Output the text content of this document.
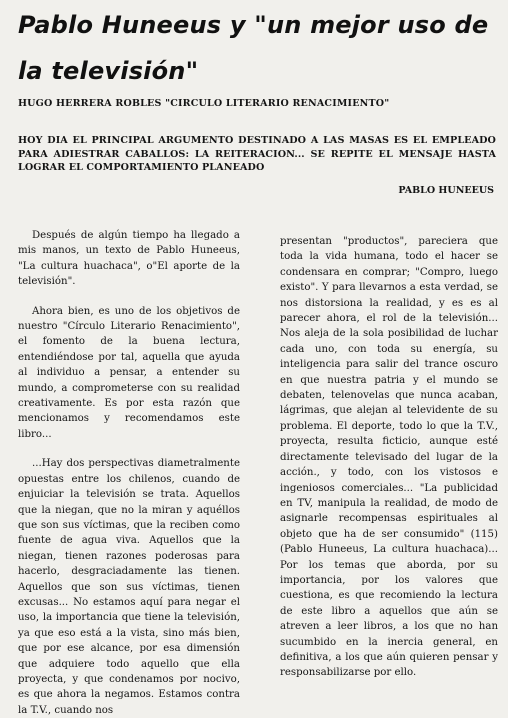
Pablo Huneeus y "un mejor uso de
la televisión"
HUGO HERRERA ROBLES "CIRCULO LITERARIO RENACIMIENTO"
HOY DIA EL PRINCIPAL ARGUMENTO DESTINADO A LAS MASAS ES EL EMPLEADO PARA ADIESTRAR CABALLOS: LA REITERACION... SE REPITE EL MENSAJE HASTA LOGRAR EL COMPORTAMIENTO PLANEADO
PABLO HUNEEUS

Después de algún tiempo ha llegado a mis manos, un texto de Pablo Huneeus, "La cultura huachaca", o"El aporte de la televisión".

Ahora bien, es uno de los objetivos de nuestro "Círculo Literario Renacimiento", el fomento de la buena lectura, entendiéndose por tal, aquella que ayuda al individuo a pensar, a entender su mundo, a comprometerse con su realidad creativamente. Es por esta razón que mencionamos y recomendamos este libro...

...Hay dos perspectivas diametralmente opuestas entre los chilenos, cuando de enjuiciar la televisión se trata. Aquellos que la niegan, que no la miran y aquéllos que son sus víctimas, que la reciben como fuente de agua viva. Aquellos que la niegan, tienen razones poderosas para hacerlo, desgraciadamente las tienen. Aquellos que son sus víctimas, tienen excusas... No estamos aquí para negar el uso, la importancia que tiene la televisión, ya que eso está a la vista, sino más bien, que por ese alcance, por esa dimensión que adquiere todo aquello que ella proyecta, y que condenamos por nocivo, es que ahora la negamos. Estamos contra la T.V., cuando nos

presentan "productos", pareciera que toda la vida humana, todo el hacer se condensara en comprar; "Compro, luego existo". Y para llevarnos a esta verdad, se nos distorsiona la realidad, y es es al parecer ahora, el rol de la televisión... Nos aleja de la sola posibilidad de luchar cada uno, con toda su energía, su inteligencia para salir del trance oscuro en que nuestra patria y el mundo se debaten, telenovelas que nunca acaban, lágrimas, que alejan al televidente de su problema. El deporte, todo lo que la T.V., proyecta, resulta ficticio, aunque esté directamente televisado del lugar de la acción., y todo, con los vistosos e ingeniosos comerciales... "La publicidad en TV, manipula la realidad, de modo de asignarle recompensas espirituales al objeto que ha de ser consumido" (115) (Pablo Huneeus, La cultura huachaca)... Por los temas que aborda, por su importancia, por los valores que cuestiona, es que recomiendo la lectura de este libro a aquellos que aún se atreven a leer libros, a los que no han sucumbido en la inercia general, en definitiva, a los que aún quieren pensar y responsabilizarse por ello.
